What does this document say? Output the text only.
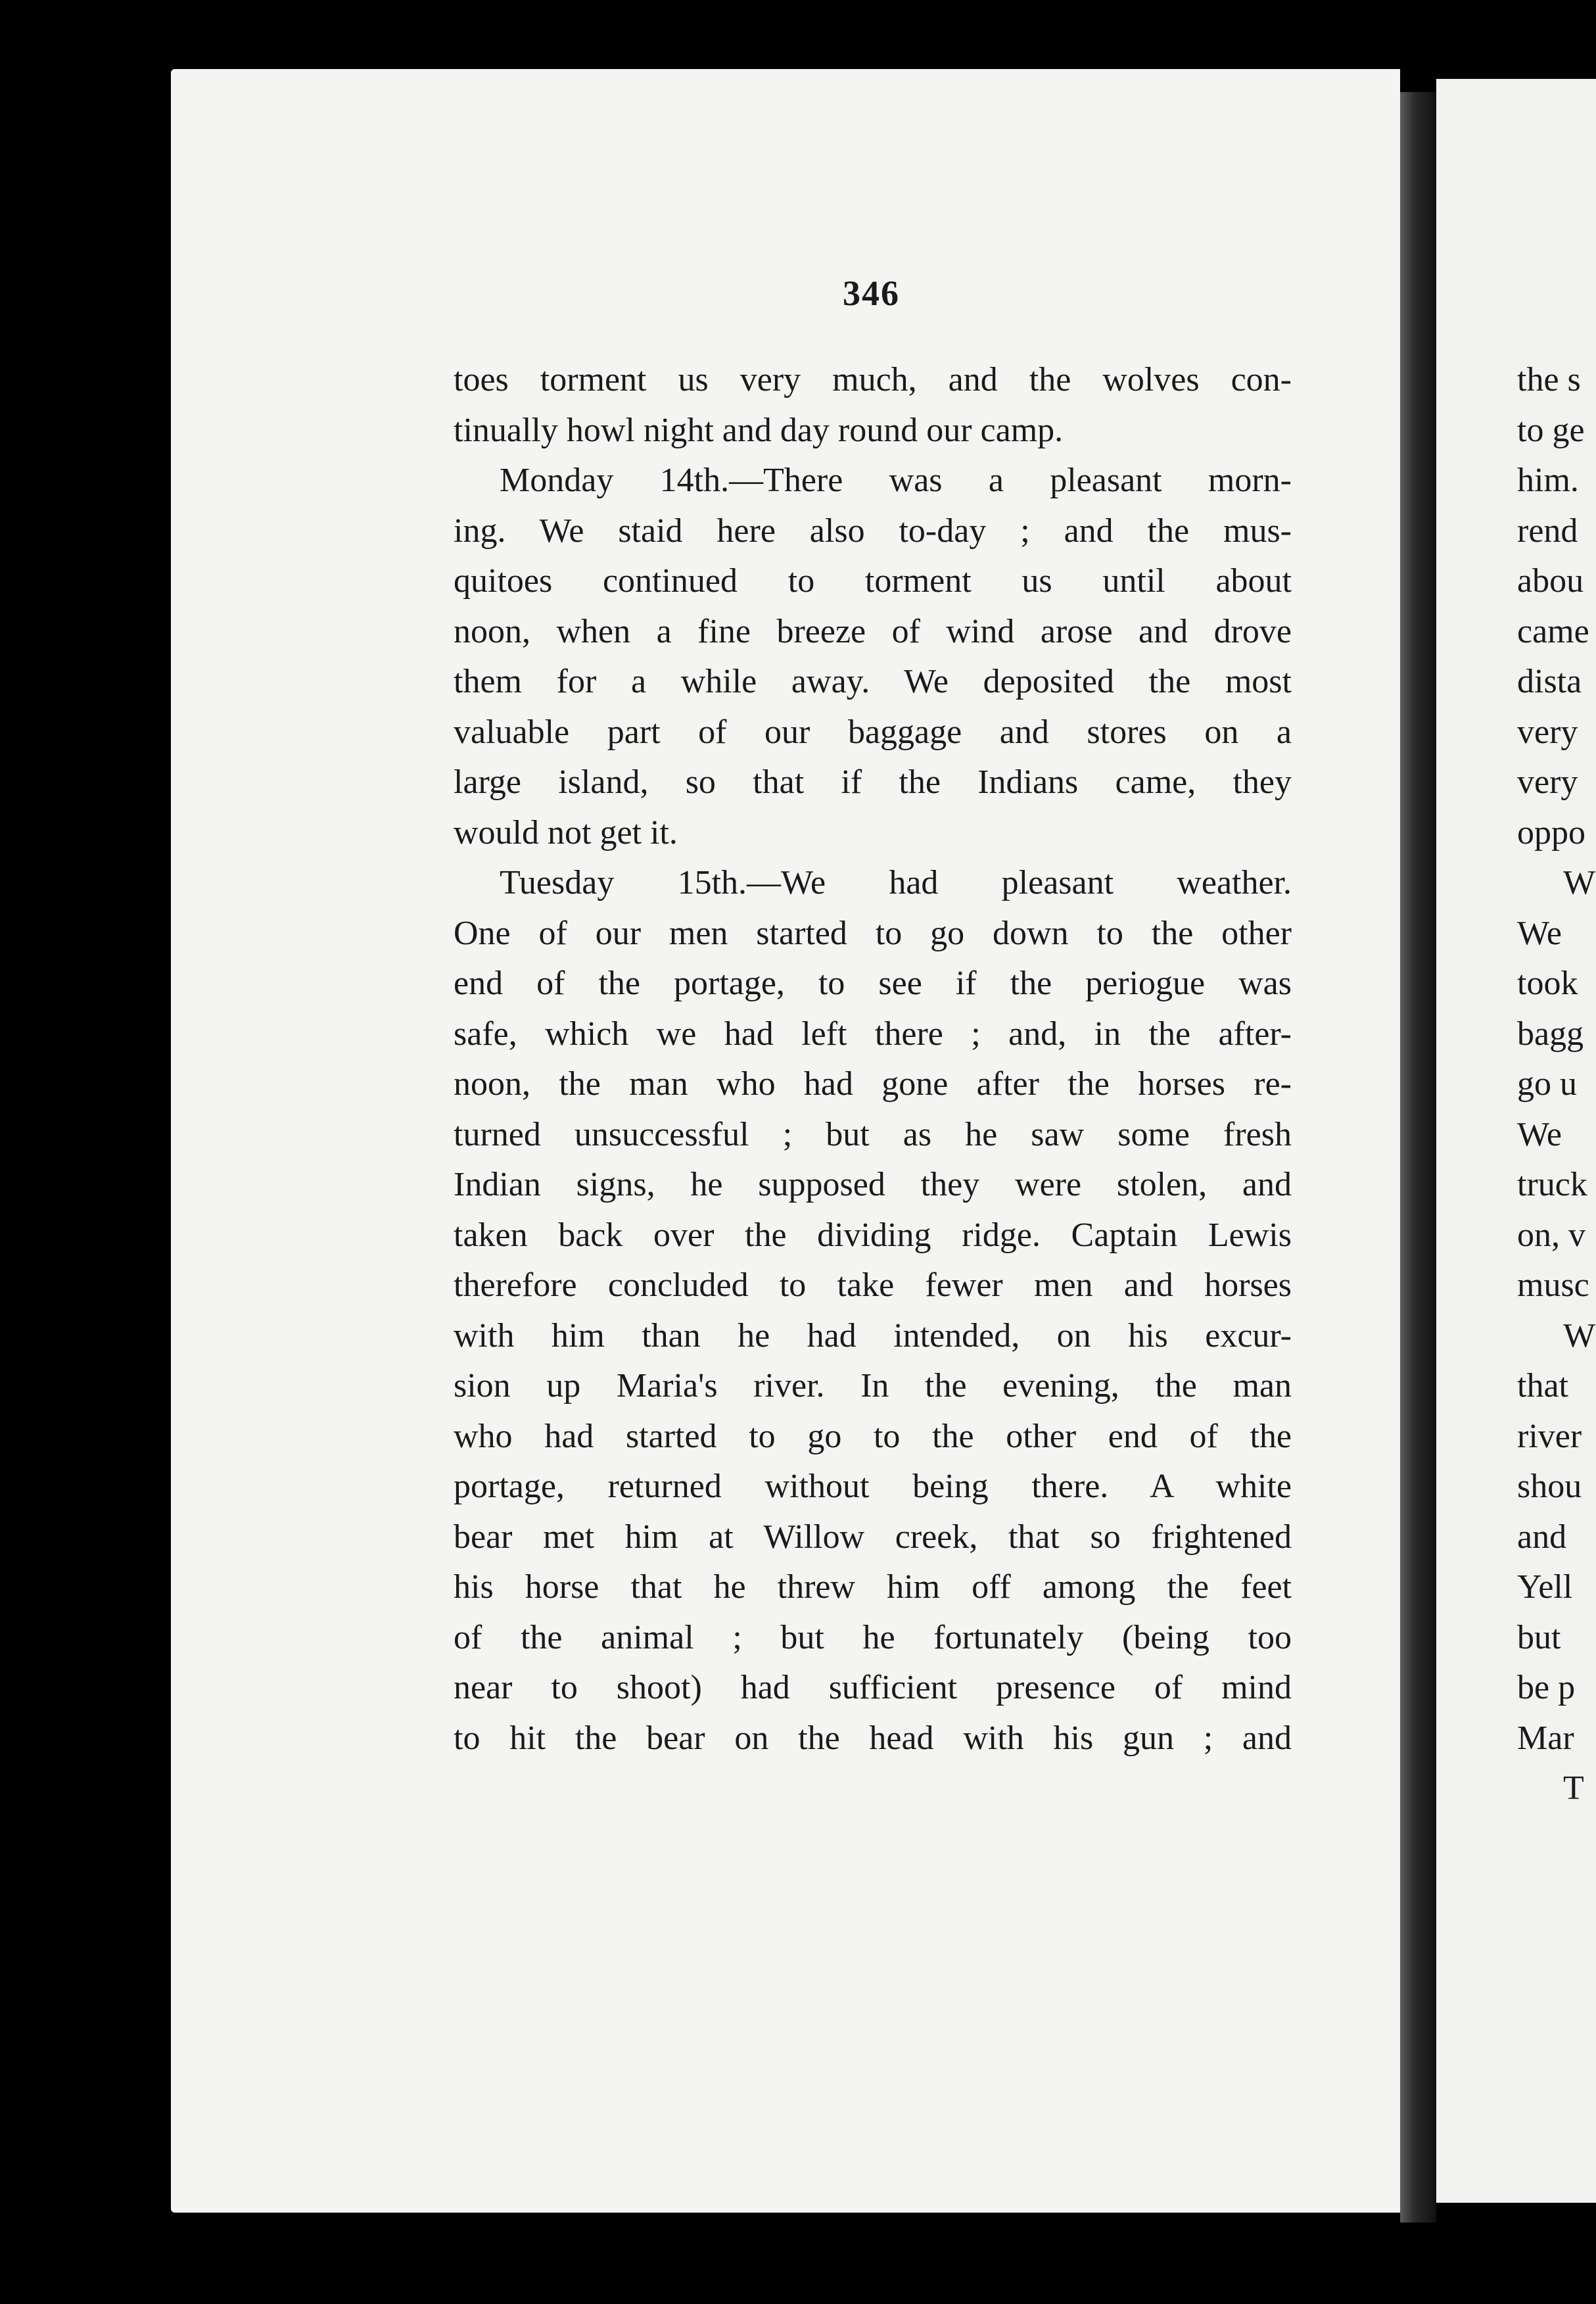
346
toes torment us very much, and the wolves con-
tinually howl night and day round our camp.
Monday 14th.—There was a pleasant morn-
ing. We staid here also to-day ; and the mus-
quitoes continued to torment us until about
noon, when a fine breeze of wind arose and drove
them for a while away. We deposited the most
valuable part of our baggage and stores on a
large island, so that if the Indians came, they
would not get it.
Tuesday 15th.—We had pleasant weather.
One of our men started to go down to the other
end of the portage, to see if the periogue was
safe, which we had left there ; and, in the after-
noon, the man who had gone after the horses re-
turned unsuccessful ; but as he saw some fresh
Indian signs, he supposed they were stolen, and
taken back over the dividing ridge. Captain Lewis
therefore concluded to take fewer men and horses
with him than he had intended, on his excur-
sion up Maria's river. In the evening, the man
who had started to go to the other end of the
portage, returned without being there. A white
bear met him at Willow creek, that so frightened
his horse that he threw him off among the feet
of the animal ; but he fortunately (being too
near to shoot) had sufficient presence of mind
to hit the bear on the head with his gun ; and
the s
to ge
him.
rend
abou
came
dista
very
very
oppo
W
We
took
bagg
go u
We
truck
on, v
musc
W
that
river
shou
and
Yell
but
be p
Mar
T
